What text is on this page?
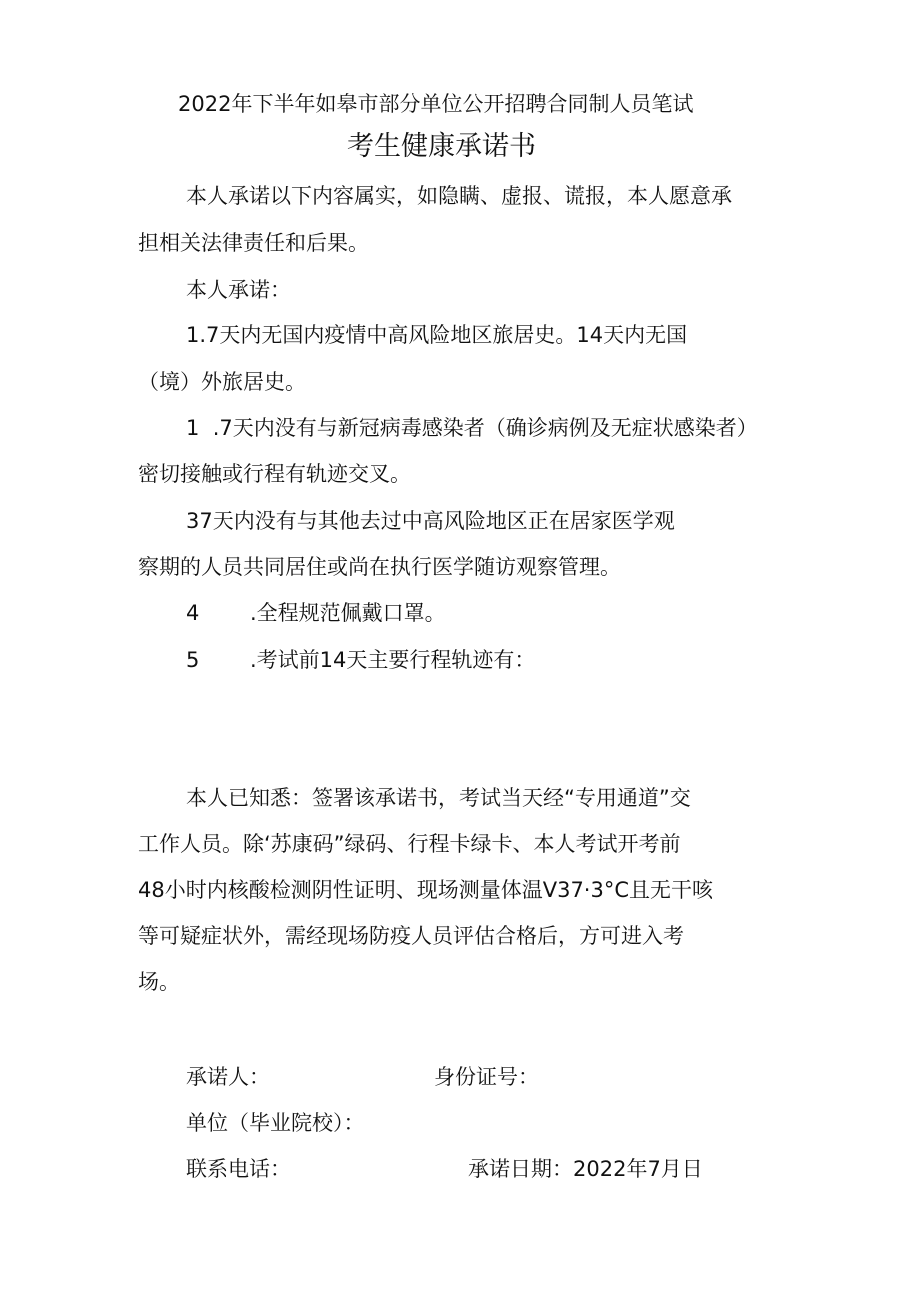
2022年下半年如皋市部分单位公开招聘合同制人员笔试
考生健康承诺书
本人承诺以下内容属实，如隐瞒、虚报、谎报，本人愿意承
担相关法律责任和后果。
本人承诺：
1.7天内无国内疫情中高风险地区旅居史。14天内无国
（境）外旅居史。
1  .7天内没有与新冠病毒感染者（确诊病例及无症状感染者）
密切接触或行程有轨迹交叉。
37天内没有与其他去过中高风险地区正在居家医学观
察期的人员共同居住或尚在执行医学随访观察管理。
4 .全程规范佩戴口罩。
5 .考试前14天主要行程轨迹有：
本人已知悉：签署该承诺书，考试当天经“专用通道”交
工作人员。除‘苏康码”绿码、行程卡绿卡、本人考试开考前
48小时内核酸检测阴性证明、现场测量体温V37·3°C且无干咳
等可疑症状外，需经现场防疫人员评估合格后，方可进入考
场。
承诺人：	身份证号：
单位（毕业院校）：
联系电话：	承诺日期：2022年7月日
